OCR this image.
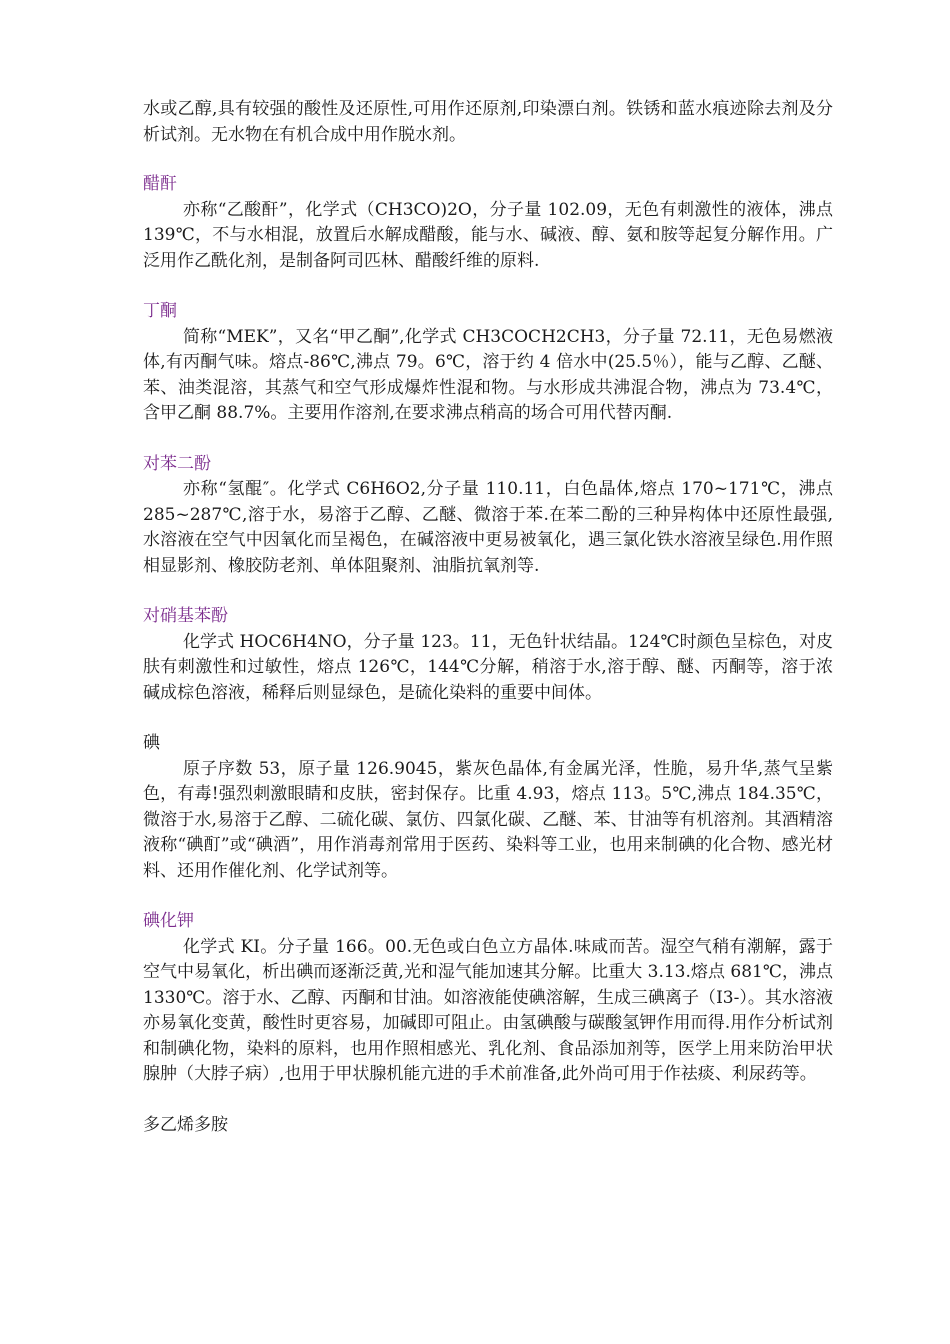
水或乙醇,具有较强的酸性及还原性,可用作还原剂,印染漂白剂。铁锈和蓝水痕迹除去剂及分析试剂。无水物在有机合成中用作脱水剂。

醋酐

亦称“乙酸酐”，化学式（CH3CO)2O，分子量 102.09，无色有刺激性的液体，沸点 139℃，不与水相混，放置后水解成醋酸，能与水、碱液、醇、氨和胺等起复分解作用。广泛用作乙酰化剂，是制备阿司匹林、醋酸纤维的原料.

丁酮

简称“MEK”，又名“甲乙酮”,化学式 CH3COCH2CH3，分子量 72.11，无色易燃液体,有丙酮气味。熔点-86℃,沸点 79。6℃，溶于约 4 倍水中(25.5％），能与乙醇、乙醚、苯、油类混溶，其蒸气和空气形成爆炸性混和物。与水形成共沸混合物，沸点为 73.4℃，含甲乙酮 88.7%。主要用作溶剂,在要求沸点稍高的场合可用代替丙酮.

对苯二酚

亦称“氢醌″。化学式 C6H6O2,分子量 110.11，白色晶体,熔点 170~171℃，沸点 285~287℃,溶于水，易溶于乙醇、乙醚、微溶于苯.在苯二酚的三种异构体中还原性最强,水溶液在空气中因氧化而呈褐色，在碱溶液中更易被氧化，遇三氯化铁水溶液呈绿色.用作照相显影剂、橡胶防老剂、单体阻聚剂、油脂抗氧剂等.

对硝基苯酚

化学式 HOC6H4NO，分子量 123。11，无色针状结晶。124℃时颜色呈棕色，对皮肤有刺激性和过敏性，熔点 126℃，144℃分解，稍溶于水,溶于醇、醚、丙酮等，溶于浓碱成棕色溶液，稀释后则显绿色，是硫化染料的重要中间体。

碘

原子序数 53，原子量 126.9045，紫灰色晶体,有金属光泽，性脆，易升华,蒸气呈紫色，有毒!强烈刺激眼睛和皮肤，密封保存。比重 4.93，熔点 113。5℃,沸点 184.35℃，微溶于水,易溶于乙醇、二硫化碳、氯仿、四氯化碳、乙醚、苯、甘油等有机溶剂。其酒精溶液称“碘酊”或“碘酒”，用作消毒剂常用于医药、染料等工业，也用来制碘的化合物、感光材料、还用作催化剂、化学试剂等。

碘化钾

化学式 KI。分子量 166。00.无色或白色立方晶体.味咸而苦。湿空气稍有潮解，露于空气中易氧化，析出碘而逐渐泛黄,光和湿气能加速其分解。比重大 3.13.熔点 681℃，沸点 1330℃。溶于水、乙醇、丙酮和甘油。如溶液能使碘溶解，生成三碘离子（I3-）。其水溶液亦易氧化变黄，酸性时更容易，加碱即可阻止。由氢碘酸与碳酸氢钾作用而得.用作分析试剂和制碘化物，染料的原料，也用作照相感光、乳化剂、食品添加剂等，医学上用来防治甲状腺肿（大脖子病）,也用于甲状腺机能亢进的手术前准备,此外尚可用于作祛痰、利尿药等。

多乙烯多胺
